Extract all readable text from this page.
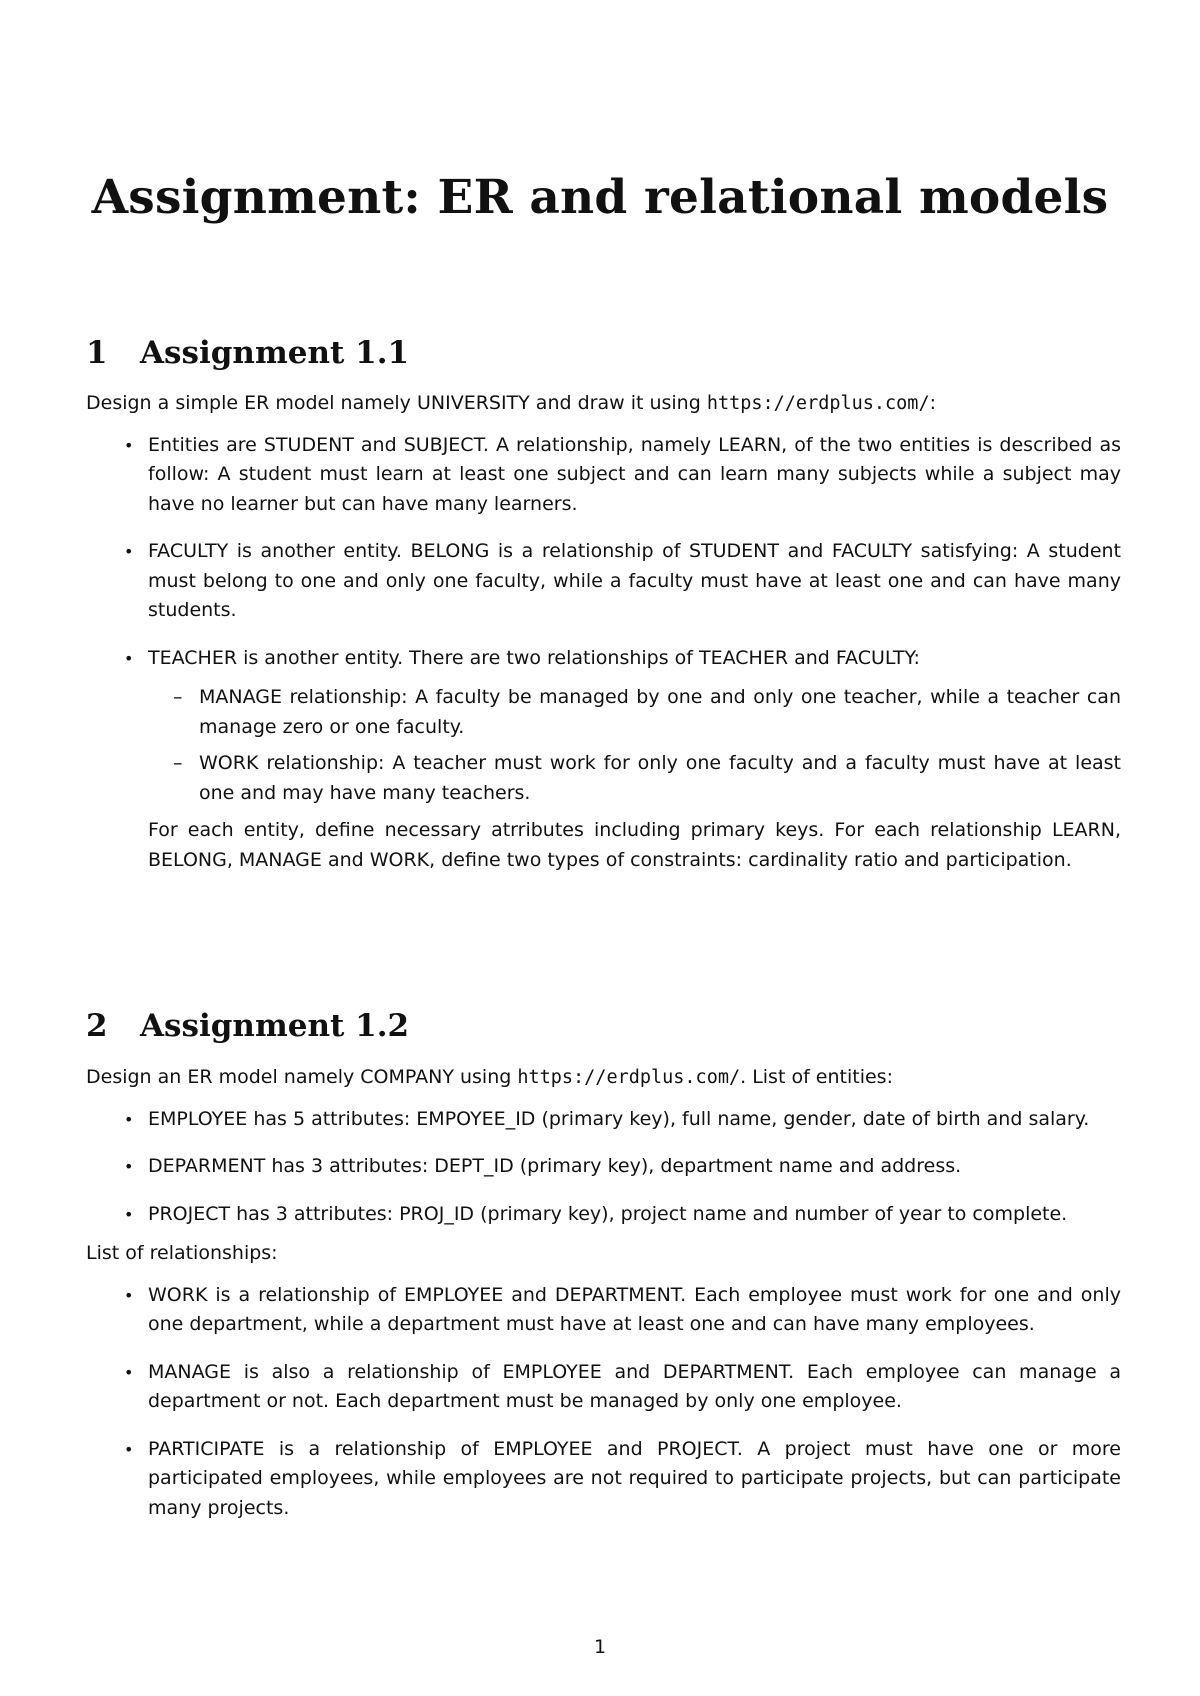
Assignment: ER and relational models
1	Assignment 1.1

Design a simple ER model namely UNIVERSITY and draw it using https://erdplus.com/:

• Entities are STUDENT and SUBJECT. A relationship, namely LEARN, of the two entities is described as follow: A student must learn at least one subject and can learn many subjects while a subject may have no learner but can have many learners.
• FACULTY is another entity. BELONG is a relationship of STUDENT and FACULTY satisfying: A student must belong to one and only one faculty, while a faculty must have at least one and can have many students.
• TEACHER is another entity. There are two relationships of TEACHER and FACULTY:
– MANAGE relationship: A faculty be managed by one and only one teacher, while a teacher can manage zero or one faculty.
– WORK relationship: A teacher must work for only one faculty and a faculty must have at least one and may have many teachers.

For each entity, define necessary atrributes including primary keys. For each relationship LEARN, BELONG, MANAGE and WORK, define two types of constraints: cardinality ratio and participation.

2	Assignment 1.2

Design an ER model namely COMPANY using https://erdplus.com/. List of entities:

• EMPLOYEE has 5 attributes: EMPOYEE_ID (primary key), full name, gender, date of birth and salary.
• DEPARMENT has 3 attributes: DEPT_ID (primary key), department name and address.
• PROJECT has 3 attributes: PROJ_ID (primary key), project name and number of year to complete.

List of relationships:

• WORK is a relationship of EMPLOYEE and DEPARTMENT. Each employee must work for one and only one department, while a department must have at least one and can have many employees.
• MANAGE is also a relationship of EMPLOYEE and DEPARTMENT. Each employee can manage a department or not. Each department must be managed by only one employee.
• PARTICIPATE is a relationship of EMPLOYEE and PROJECT. A project must have one or more participated employees, while employees are not required to participate projects, but can participate many projects.
1
